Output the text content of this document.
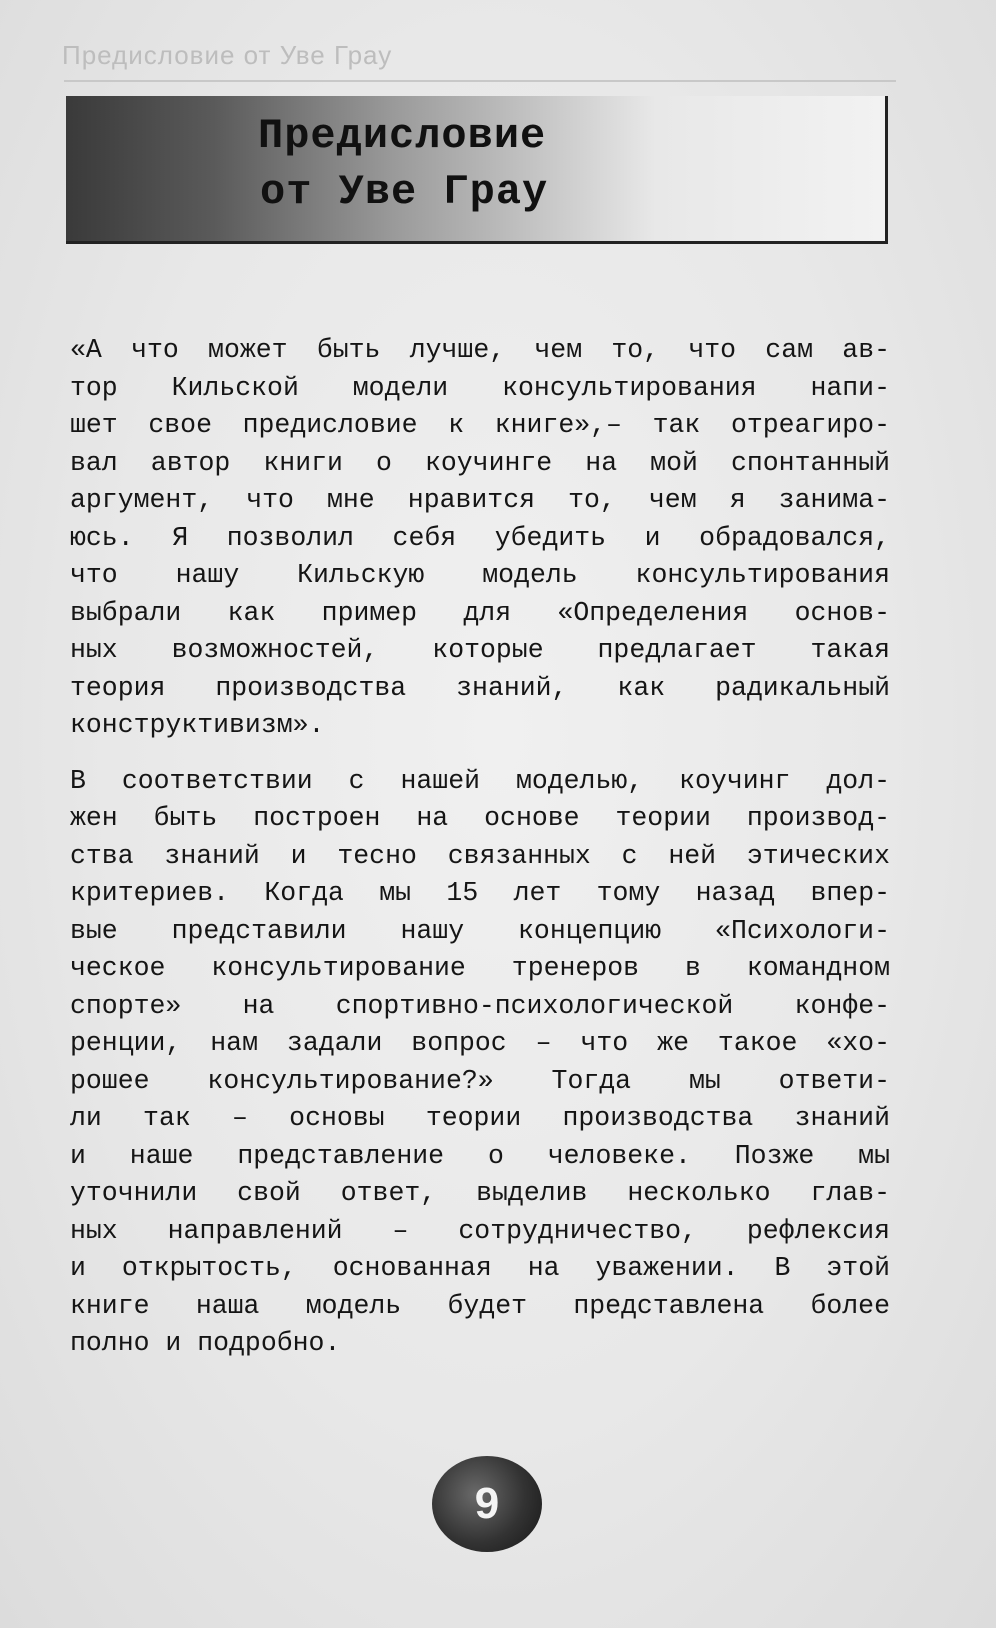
Предисловие от Уве Грау
Предисловие
от Уве Грау

«А что может быть лучше, чем то, что сам ав-
тор Кильской модели консультирования напи-
шет свое предисловие к книге»,– так отреагиро-
вал автор книги о коучинге на мой спонтанный
аргумент, что мне нравится то, чем я занима-
юсь. Я позволил себя убедить и обрадовался,
что нашу Кильскую модель консультирования
выбрали как пример для «Определения основ-
ных возможностей, которые предлагает такая
теория производства знаний, как радикальный
конструктивизм».

В соответствии с нашей моделью, коучинг дол-
жен быть построен на основе теории производ-
ства знаний и тесно связанных с ней этических
критериев. Когда мы 15 лет тому назад впер-
вые представили нашу концепцию «Психологи-
ческое консультирование тренеров в командном
спорте» на спортивно-психологической конфе-
ренции, нам задали вопрос – что же такое «хо-
рошее консультирование?» Тогда мы ответи-
ли так – основы теории производства знаний
и наше представление о человеке. Позже мы
уточнили свой ответ, выделив несколько глав-
ных направлений – сотрудничество, рефлексия
и открытость, основанная на уважении. В этой
книге наша модель будет представлена более
полно и подробно.

9
